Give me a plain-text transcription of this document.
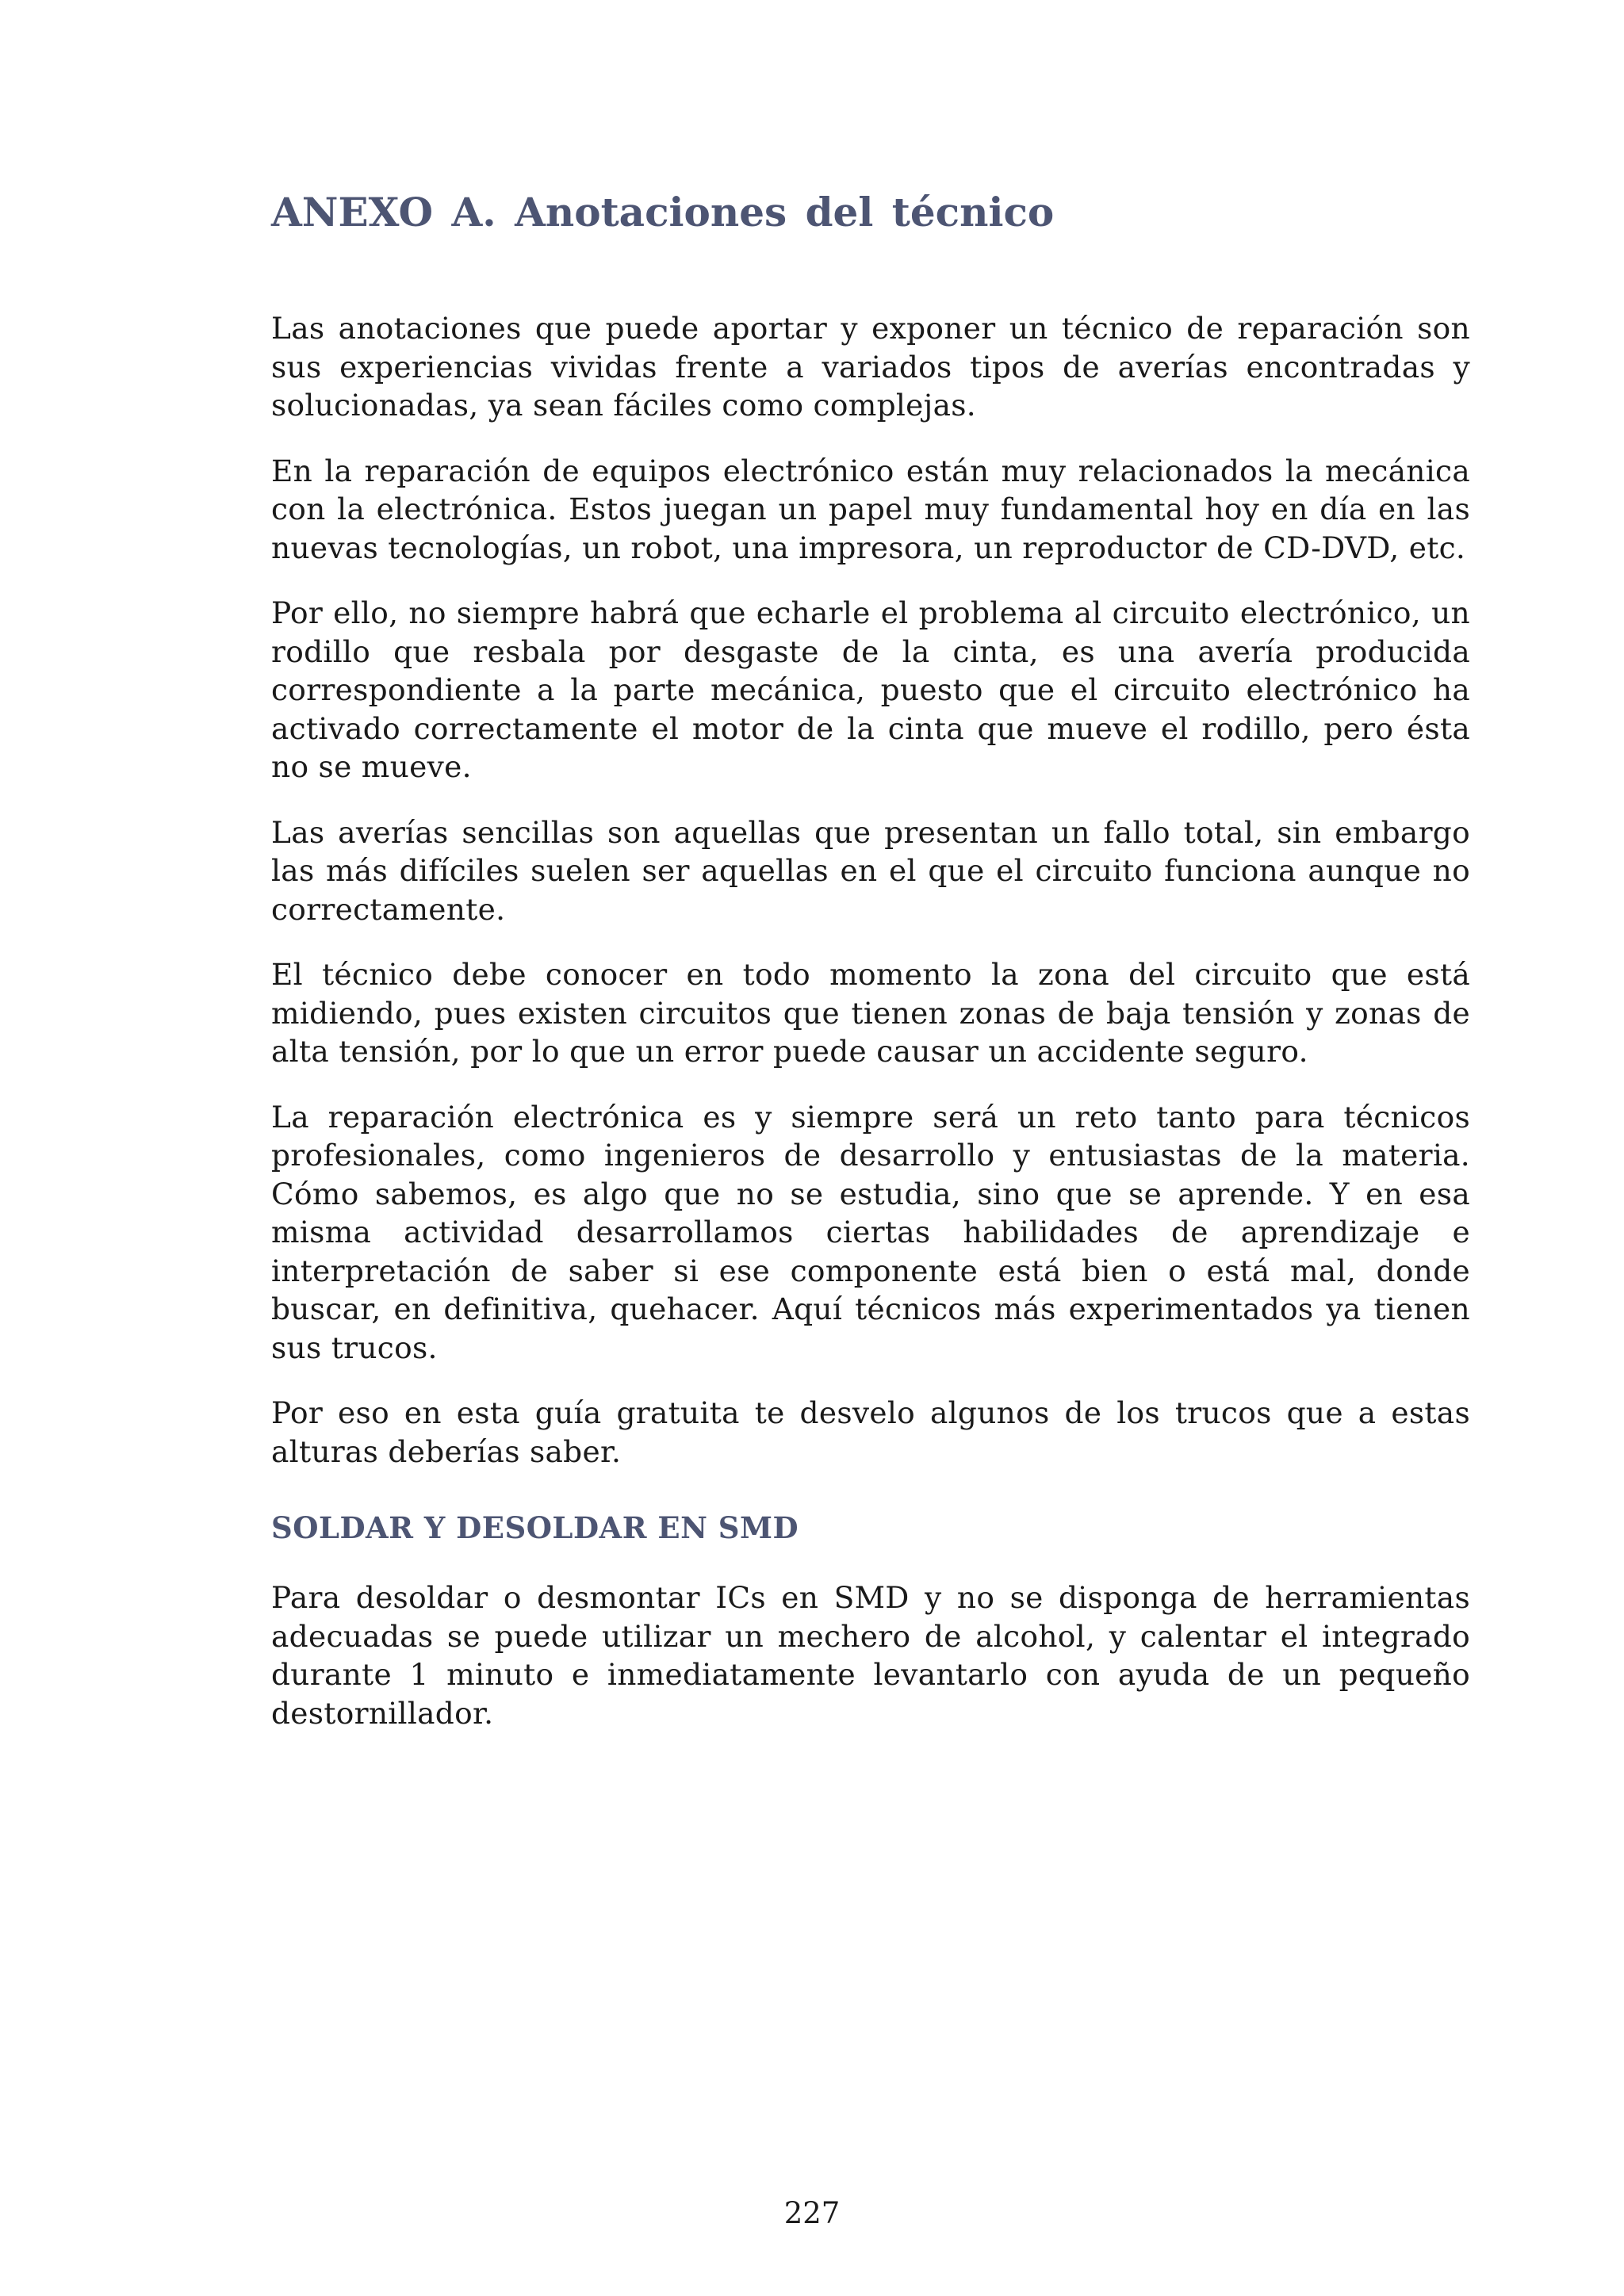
ANEXO A. Anotaciones del técnico

Las anotaciones que puede aportar y exponer un técnico de reparación son sus experiencias vividas frente a variados tipos de averías encontradas y solucionadas, ya sean fáciles como complejas.

En la reparación de equipos electrónico están muy relacionados la mecánica con la electrónica. Estos juegan un papel muy fundamental hoy en día en las nuevas tecnologías, un robot, una impresora, un reproductor de CD-DVD, etc.

Por ello, no siempre habrá que echarle el problema al circuito electrónico, un rodillo que resbala por desgaste de la cinta, es una avería producida correspondiente a la parte mecánica, puesto que el circuito electrónico ha activado correctamente el motor de la cinta que mueve el rodillo, pero ésta no se mueve.

Las averías sencillas son aquellas que presentan un fallo total, sin embargo las más difíciles suelen ser aquellas en el que el circuito funciona aunque no correctamente.

El técnico debe conocer en todo momento la zona del circuito que está midiendo, pues existen circuitos que tienen zonas de baja tensión y zonas de alta tensión, por lo que un error puede causar un accidente seguro.

La reparación electrónica es y siempre será un reto tanto para técnicos profesionales, como ingenieros de desarrollo y entusiastas de la materia. Cómo sabemos, es algo que no se estudia, sino que se aprende. Y en esa misma actividad desarrollamos ciertas habilidades de aprendizaje e interpretación de saber si ese componente está bien o está mal, donde buscar, en definitiva, quehacer. Aquí técnicos más experimentados ya tienen sus trucos.

Por eso en esta guía gratuita te desvelo algunos de los trucos que a estas alturas deberías saber.

SOLDAR Y DESOLDAR EN SMD

Para desoldar o desmontar ICs en SMD y no se disponga de herramientas adecuadas se puede utilizar un mechero de alcohol, y calentar el integrado durante 1 minuto e inmediatamente levantarlo con ayuda de un pequeño destornillador.

227
